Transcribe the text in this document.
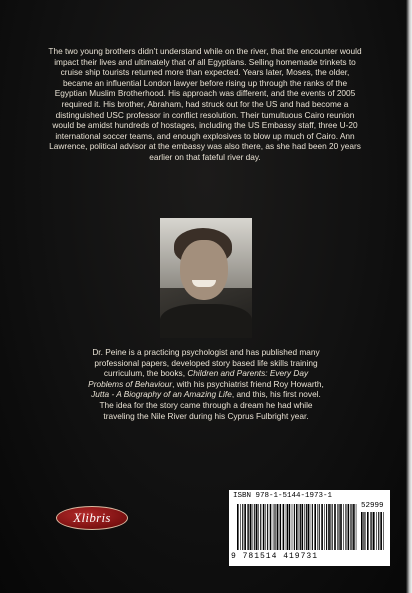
The two young brothers didn’t understand while on the river, that the encounter would impact their lives and ultimately that of all Egyptians. Selling homemade trinkets to cruise ship tourists returned more than expected. Years later, Moses, the older, became an influential London lawyer before rising up through the ranks of the Egyptian Muslim Brotherhood. His approach was different, and the events of 2005 required it. His brother, Abraham, had struck out for the US and had become a distinguished USC professor in conflict resolution. Their tumultuous Cairo reunion would be amidst hundreds of hostages, including the US Embassy staff, three U-20 international soccer teams, and enough explosives to blow up much of Cairo. Ann Lawrence, political advisor at the embassy was also there, as she had been 20 years earlier on that fateful river day.
Dr. Peine is a practicing psychologist and has published many professional papers, developed story based life skills training curriculum, the books, Children and Parents: Every Day Problems of Behaviour, with his psychiatrist friend Roy Howarth, Jutta - A Biography of an Amazing Life, and this, his first novel. The idea for the story came through a dream he had while traveling the Nile River during his Cyprus Fulbright year.
Xlibris
ISBN 978-1-5144-1973-1
52999
9 781514 419731
